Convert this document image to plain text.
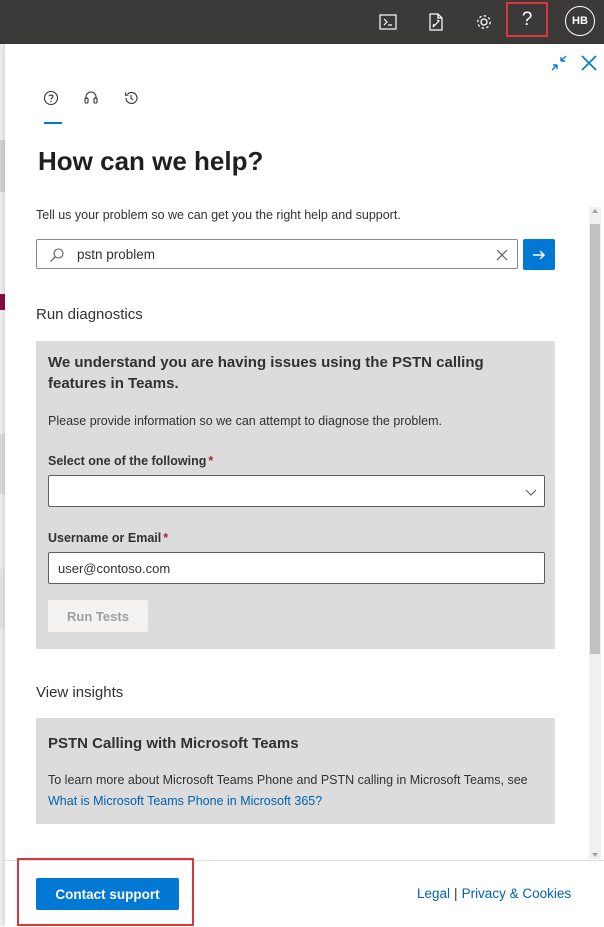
?	HB
How can we help?
Tell us your problem so we can get you the right help and support.
pstn problem
Run diagnostics
We understand you are having issues using the PSTN calling features in Teams.
Please provide information so we can attempt to diagnose the problem.
Select one of the following *
Username or Email *
user@contoso.com
Run Tests
View insights
PSTN Calling with Microsoft Teams
To learn more about Microsoft Teams Phone and PSTN calling in Microsoft Teams, see What is Microsoft Teams Phone in Microsoft 365?
Contact support	Legal | Privacy & Cookies
